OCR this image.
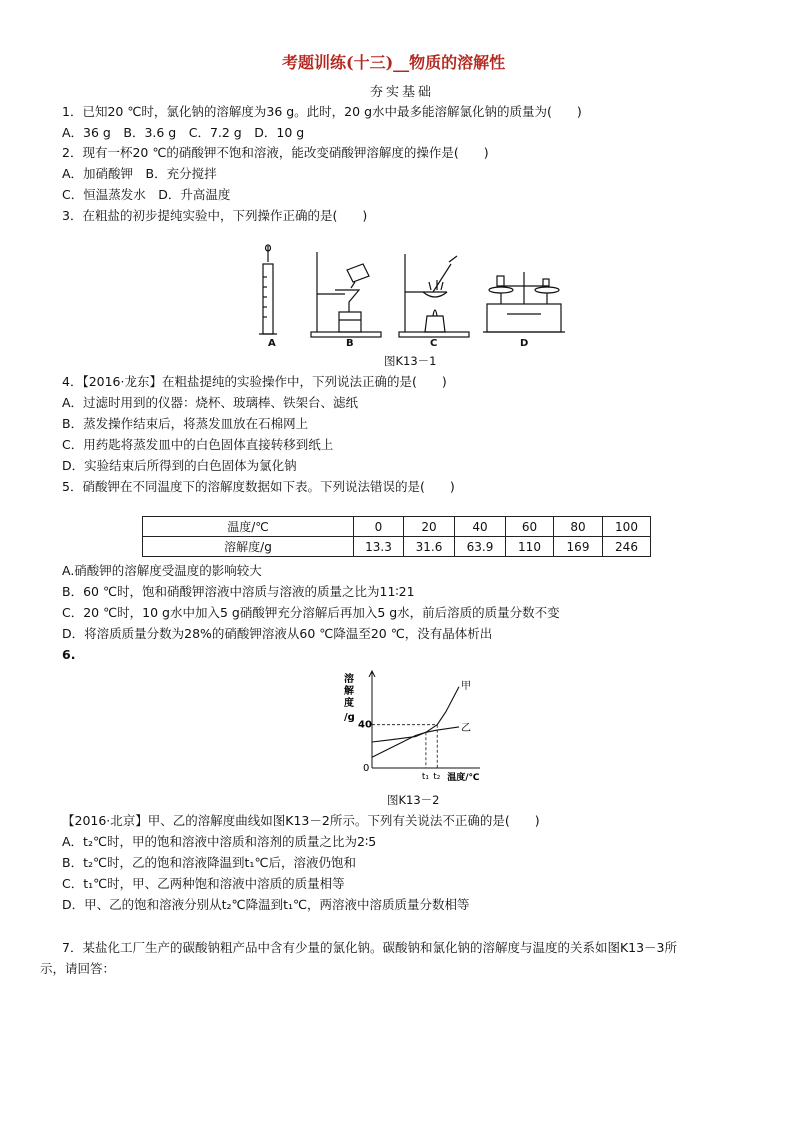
考题训练(十三)__物质的溶解性
夯实基础
1．已知20 ℃时，氯化钠的溶解度为36 g。此时，20 g水中最多能溶解氯化钠的质量为(　　)
A．36 g　B．3.6 g　C．7.2 g　D．10 g
2．现有一杯20 ℃的硝酸钾不饱和溶液，能改变硝酸钾溶解度的操作是(　　)
A．加硝酸钾　B．充分搅拌
C．恒温蒸发水　D．升高温度
3．在粗盐的初步提纯实验中，下列操作正确的是(　　)
A	B	C	D
图K13－1
4．【2016·龙东】在粗盐提纯的实验操作中，下列说法正确的是(　　)
A．过滤时用到的仪器：烧杯、玻璃棒、铁架台、滤纸
B．蒸发操作结束后，将蒸发皿放在石棉网上
C．用药匙将蒸发皿中的白色固体直接转移到纸上
D．实验结束后所得到的白色固体为氯化钠
5．硝酸钾在不同温度下的溶解度数据如下表。下列说法错误的是(　　)
温度/℃	0	20	40	60	80	100
溶解度/g	13.3	31.6	63.9	110	169	246
A.硝酸钾的溶解度受温度的影响较大
B．60 ℃时，饱和硝酸钾溶液中溶质与溶液的质量之比为11∶21
C．20 ℃时，10 g水中加入5 g硝酸钾充分溶解后再加入5 g水，前后溶质的质量分数不变
D．将溶质质量分数为28%的硝酸钾溶液从60 ℃降温至20 ℃，没有晶体析出
6.
溶
解
度
/g
甲
乙
0
40
t₁ t₂ 温度/℃
图K13－2
【2016·北京】甲、乙的溶解度曲线如图K13－2所示。下列有关说法不正确的是(　　)
A．t₂℃时，甲的饱和溶液中溶质和溶剂的质量之比为2∶5
B．t₂℃时，乙的饱和溶液降温到t₁℃后，溶液仍饱和
C．t₁℃时，甲、乙两种饱和溶液中溶质的质量相等
D．甲、乙的饱和溶液分别从t₂℃降温到t₁℃，两溶液中溶质质量分数相等
7．某盐化工厂生产的碳酸钠粗产品中含有少量的氯化钠。碳酸钠和氯化钠的溶解度与温度的关系如图K13－3所
示，请回答：
